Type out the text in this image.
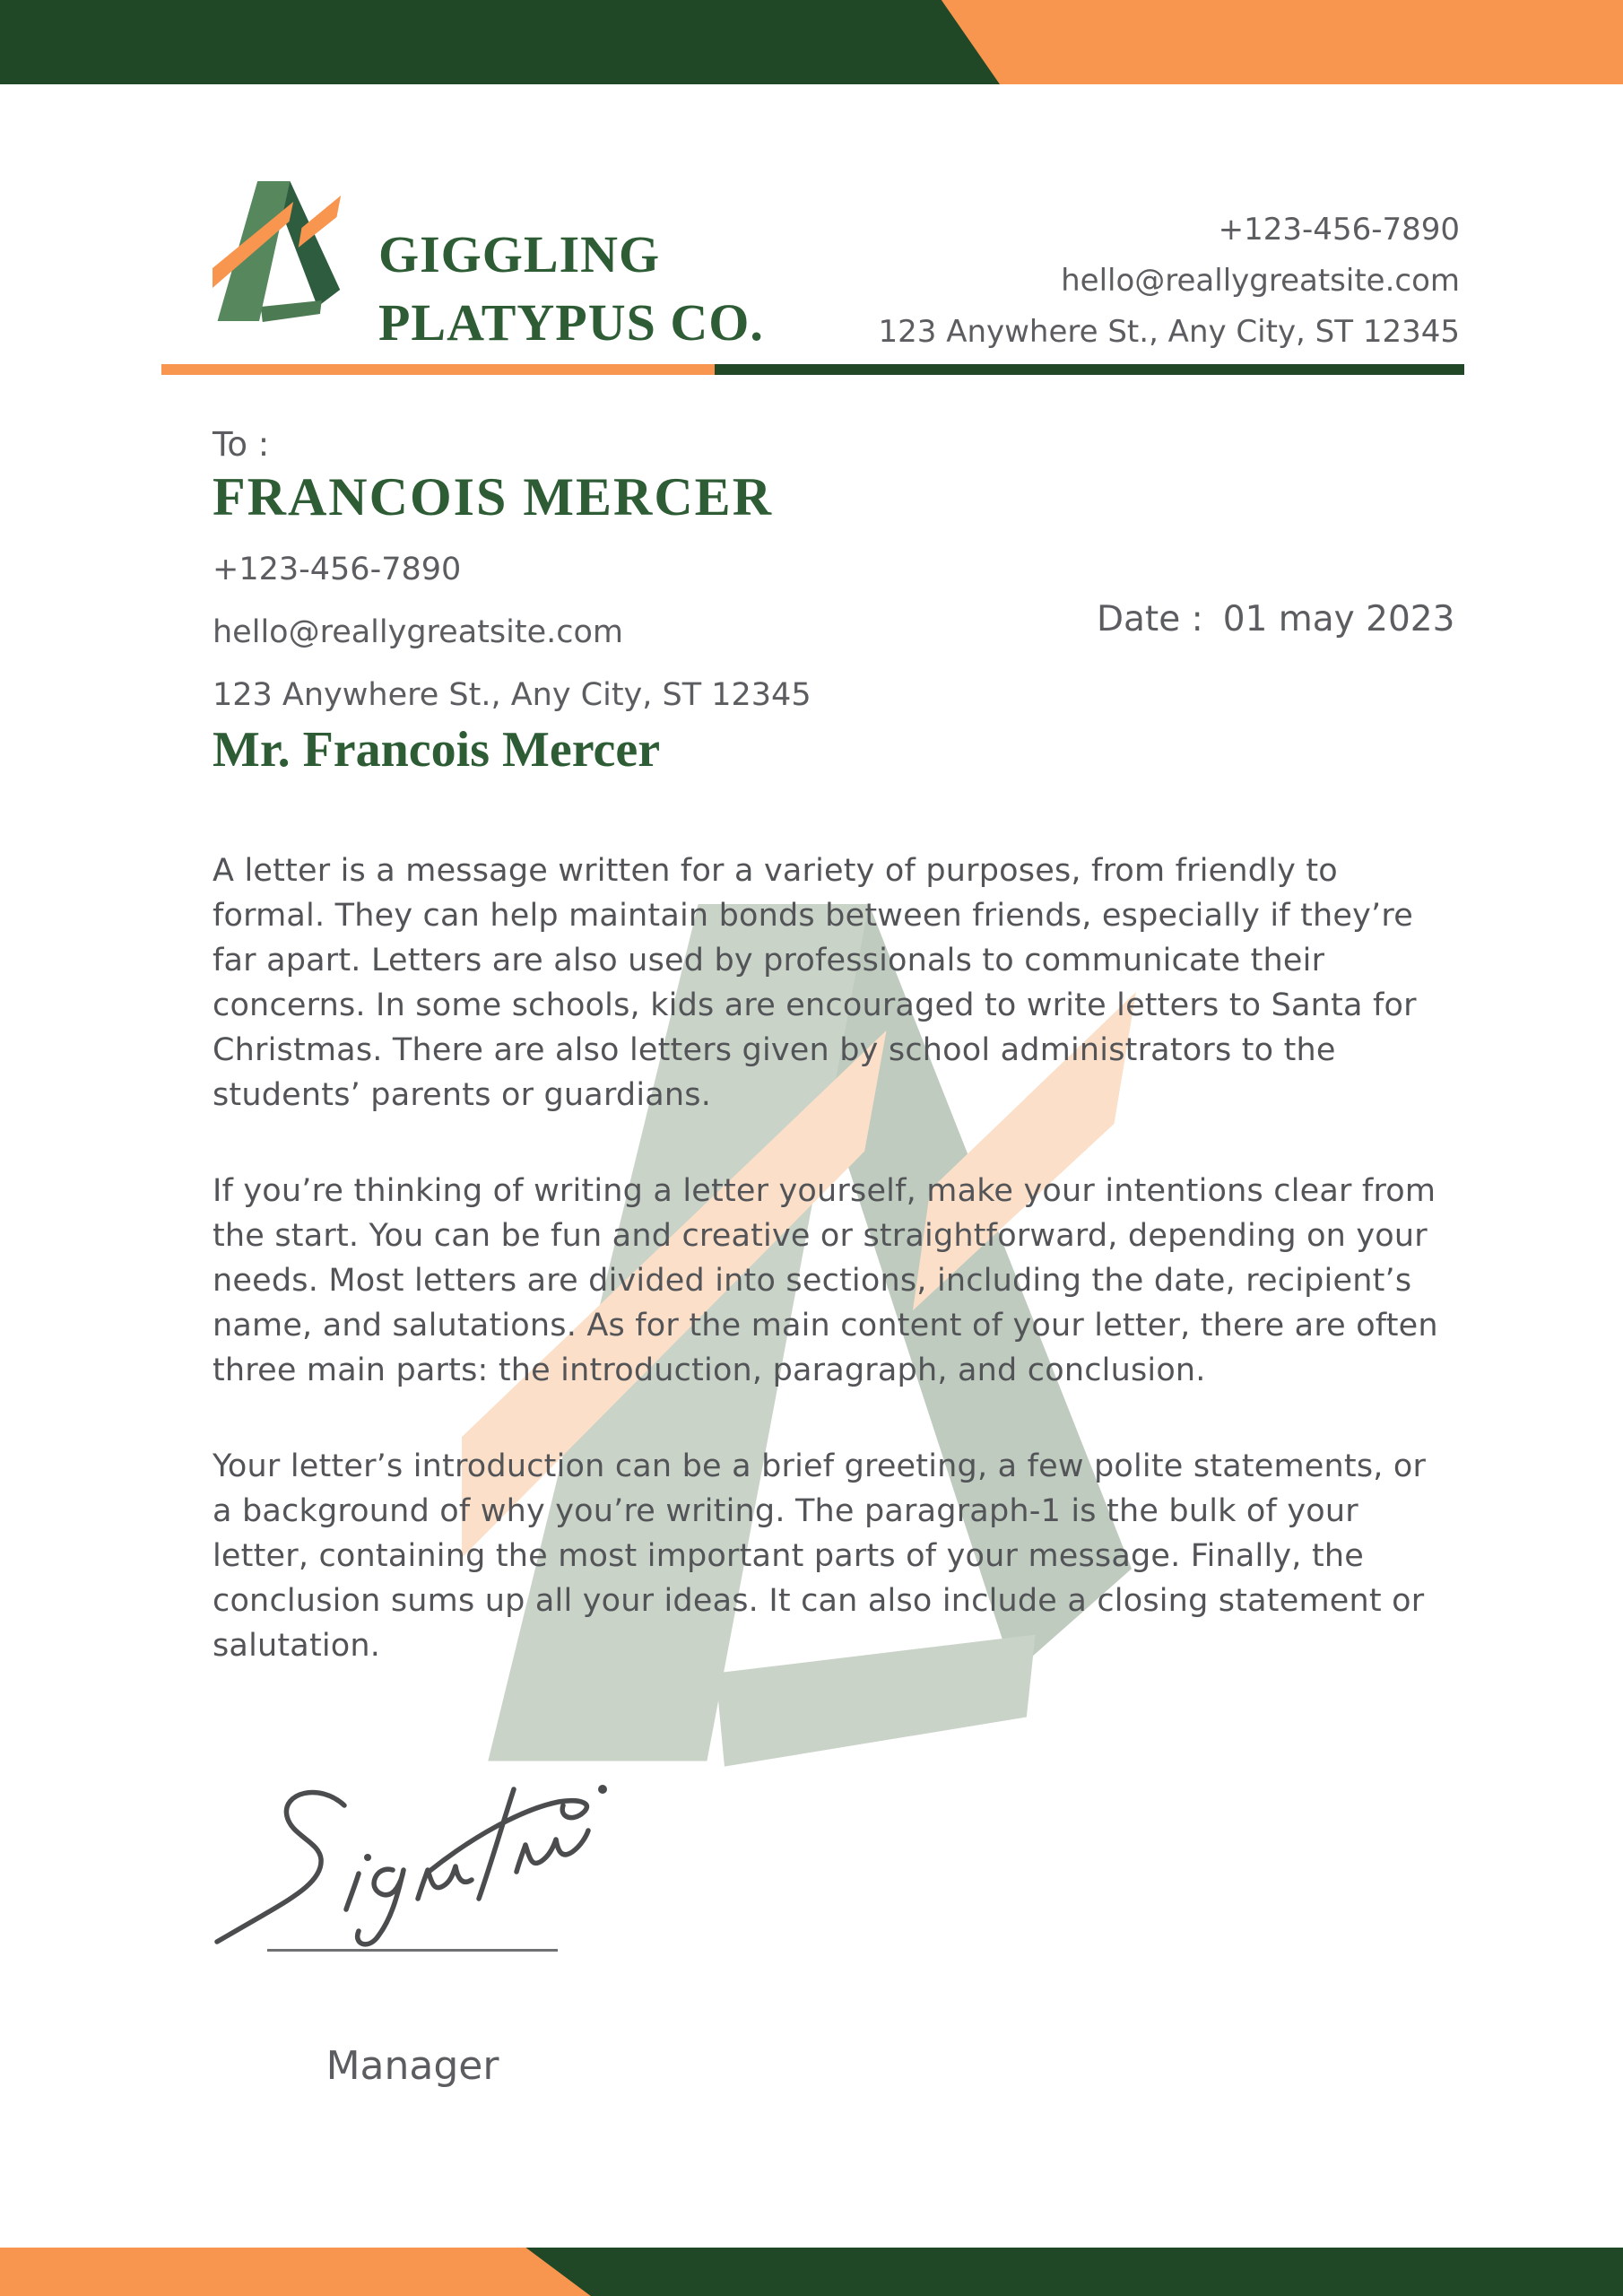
GIGGLING
PLATYPUS CO.
+123-456-7890
hello@reallygreatsite.com
123 Anywhere St., Any City, ST 12345
To :
FRANCOIS MERCER
+123-456-7890
hello@reallygreatsite.com
123 Anywhere St., Any City, ST 12345
Date : 01 may 2023
Mr. Francois Mercer

A letter is a message written for a variety of purposes, from friendly to formal. They can help maintain bonds between friends, especially if they’re far apart. Letters are also used by professionals to communicate their concerns. In some schools, kids are encouraged to write letters to Santa for Christmas. There are also letters given by school administrators to the students’ parents or guardians.

If you’re thinking of writing a letter yourself, make your intentions clear from the start. You can be fun and creative or straightforward, depending on your needs. Most letters are divided into sections, including the date, recipient’s name, and salutations. As for the main content of your letter, there are often three main parts: the introduction, paragraph, and conclusion.

Your letter’s introduction can be a brief greeting, a few polite statements, or a background of why you’re writing. The paragraph-1 is the bulk of your letter, containing the most important parts of your message. Finally, the conclusion sums up all your ideas. It can also include a closing statement or salutation.

Manager
